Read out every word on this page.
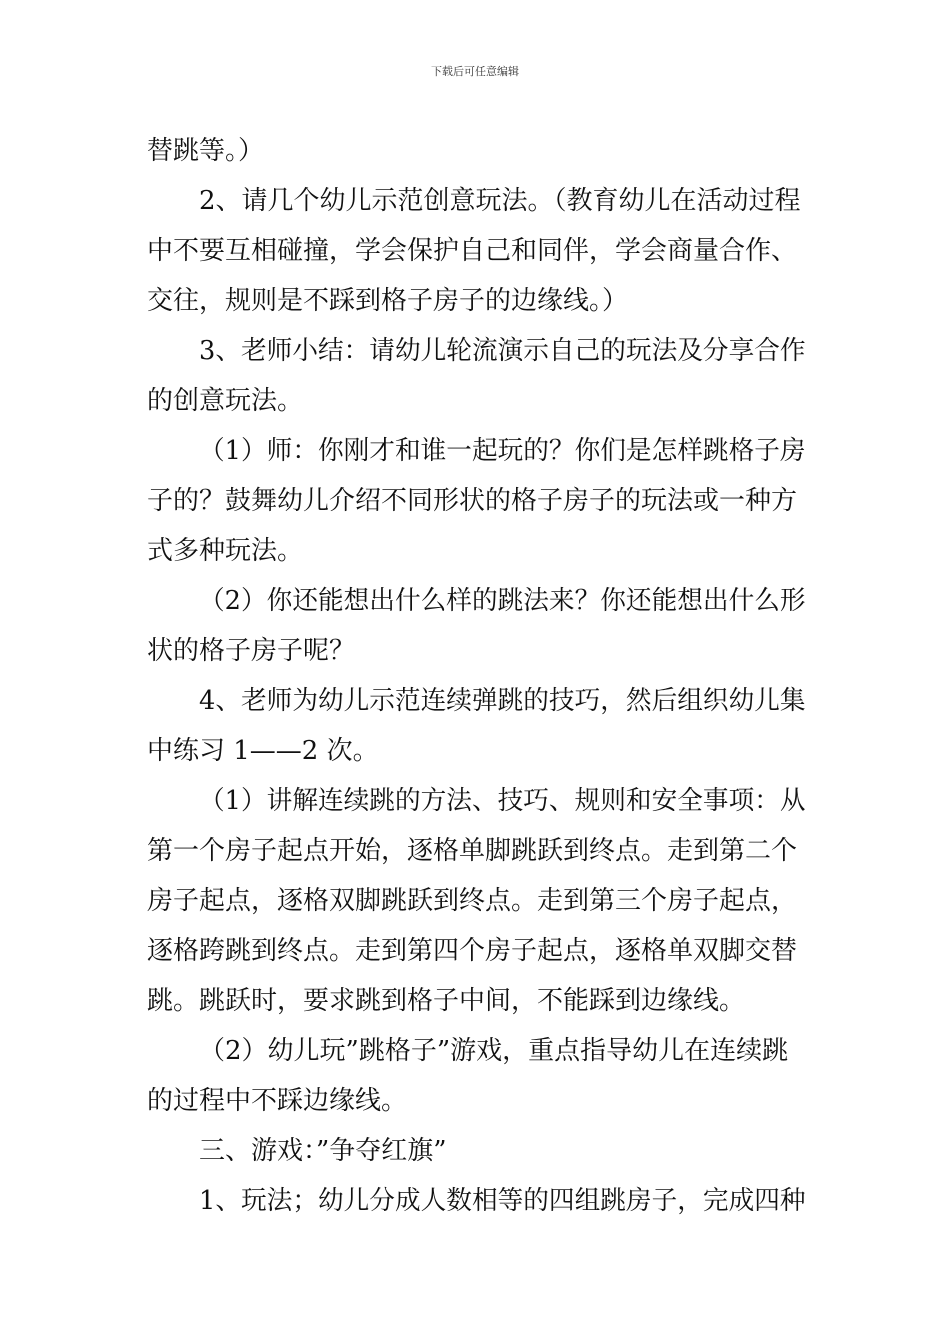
下载后可任意编辑
替跳等。）
2、请几个幼儿示范创意玩法。（教育幼儿在活动过程
中不要互相碰撞，学会保护自己和同伴，学会商量合作、
交往，规则是不踩到格子房子的边缘线。）
3、老师小结：请幼儿轮流演示自己的玩法及分享合作
的创意玩法。
（1）师：你刚才和谁一起玩的？你们是怎样跳格子房
子的？鼓舞幼儿介绍不同形状的格子房子的玩法或一种方
式多种玩法。
（2）你还能想出什么样的跳法来？你还能想出什么形
状的格子房子呢？
4、老师为幼儿示范连续弹跳的技巧，然后组织幼儿集
中练习 1——2 次。
（1）讲解连续跳的方法、技巧、规则和安全事项：从
第一个房子起点开始，逐格单脚跳跃到终点。走到第二个
房子起点，逐格双脚跳跃到终点。走到第三个房子起点，
逐格跨跳到终点。走到第四个房子起点，逐格单双脚交替
跳。跳跃时，要求跳到格子中间，不能踩到边缘线。
（2）幼儿玩”跳格子”游戏，重点指导幼儿在连续跳
的过程中不踩边缘线。
三、游戏：”争夺红旗”
1、玩法；幼儿分成人数相等的四组跳房子，完成四种
